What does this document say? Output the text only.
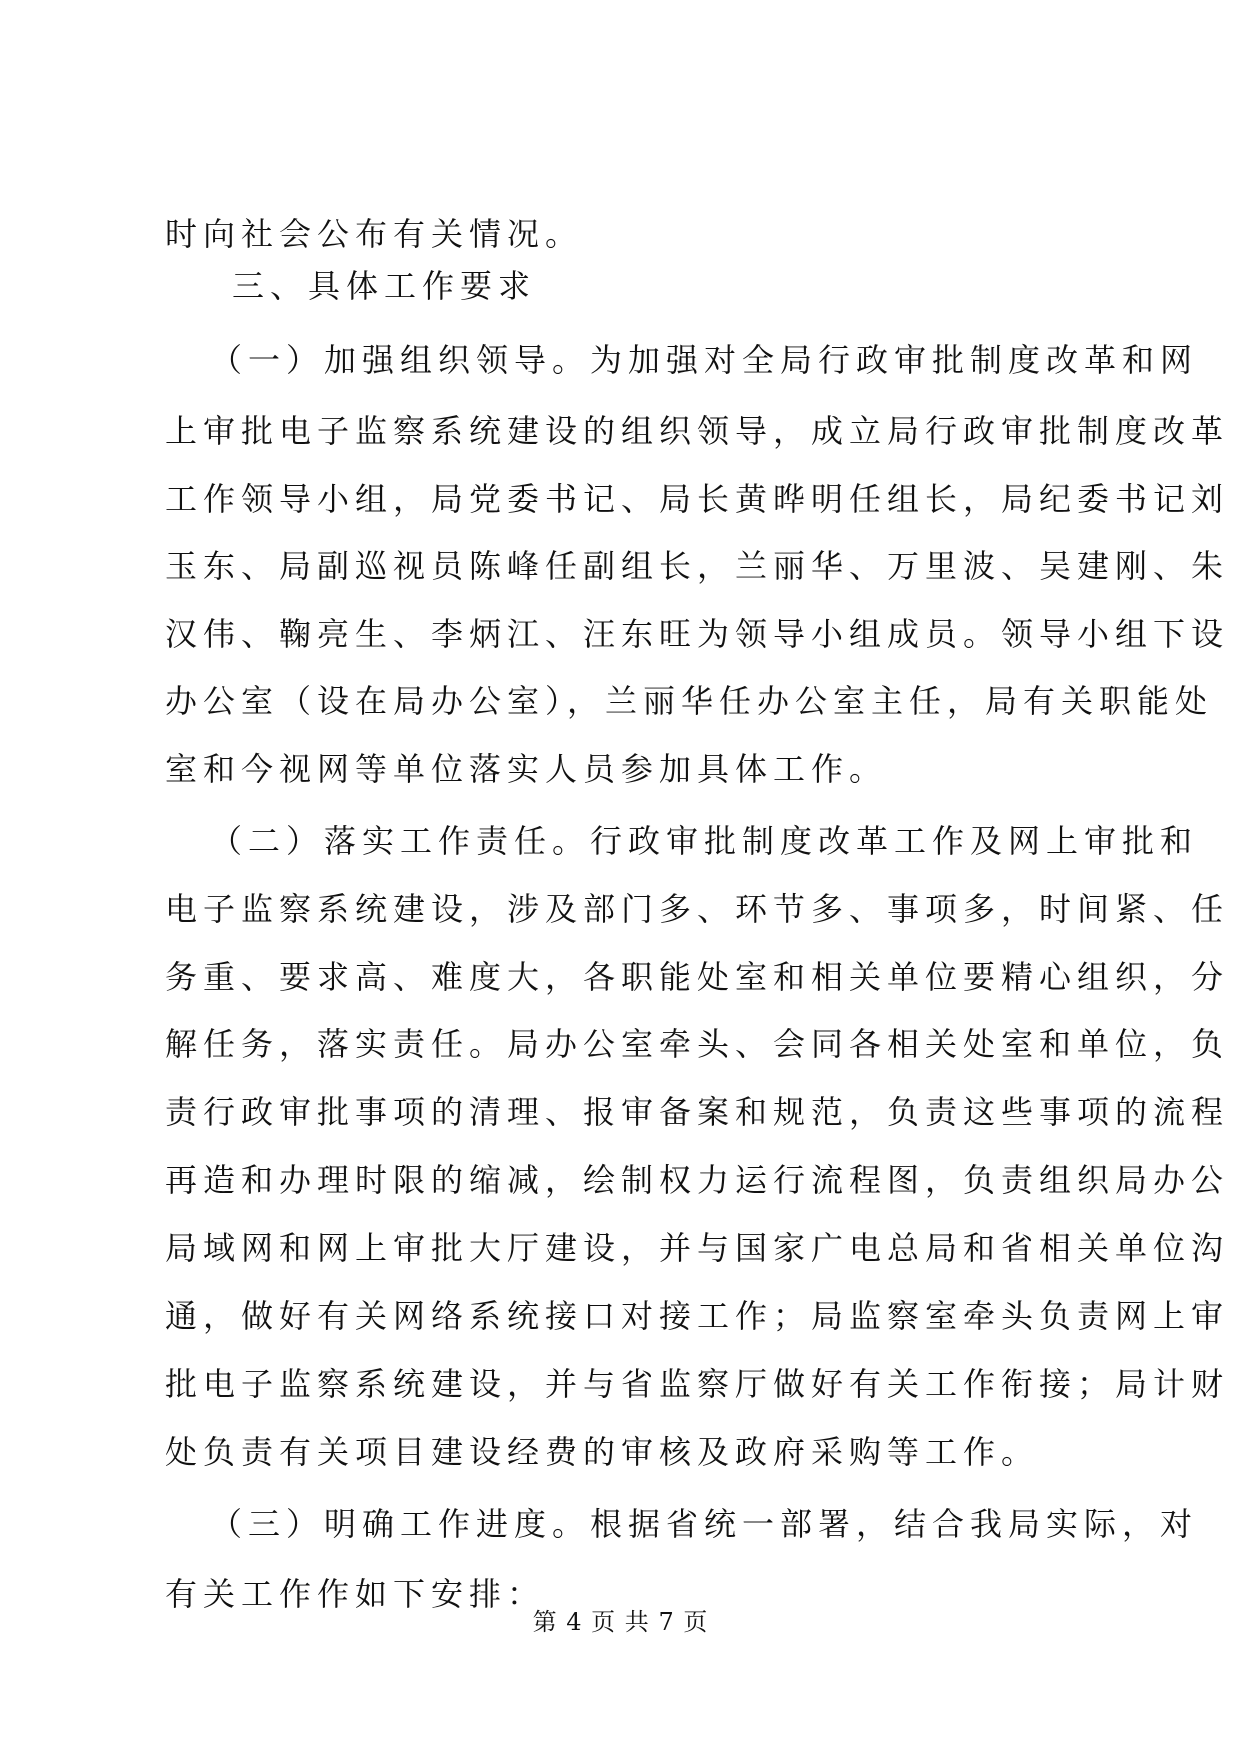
时向社会公布有关情况。
三、具体工作要求
（一）加强组织领导。为加强对全局行政审批制度改革和网
上审批电子监察系统建设的组织领导，成立局行政审批制度改革
工作领导小组，局党委书记、局长黄晔明任组长，局纪委书记刘
玉东、局副巡视员陈峰任副组长，兰丽华、万里波、吴建刚、朱
汉伟、鞠亮生、李炳江、汪东旺为领导小组成员。领导小组下设
办公室（设在局办公室），兰丽华任办公室主任，局有关职能处
室和今视网等单位落实人员参加具体工作。
（二）落实工作责任。行政审批制度改革工作及网上审批和
电子监察系统建设，涉及部门多、环节多、事项多，时间紧、任
务重、要求高、难度大，各职能处室和相关单位要精心组织，分
解任务，落实责任。局办公室牵头、会同各相关处室和单位，负
责行政审批事项的清理、报审备案和规范，负责这些事项的流程
再造和办理时限的缩减，绘制权力运行流程图，负责组织局办公
局域网和网上审批大厅建设，并与国家广电总局和省相关单位沟
通，做好有关网络系统接口对接工作；局监察室牵头负责网上审
批电子监察系统建设，并与省监察厅做好有关工作衔接；局计财
处负责有关项目建设经费的审核及政府采购等工作。
（三）明确工作进度。根据省统一部署，结合我局实际，对
有关工作作如下安排：
第 4 页 共 7 页
